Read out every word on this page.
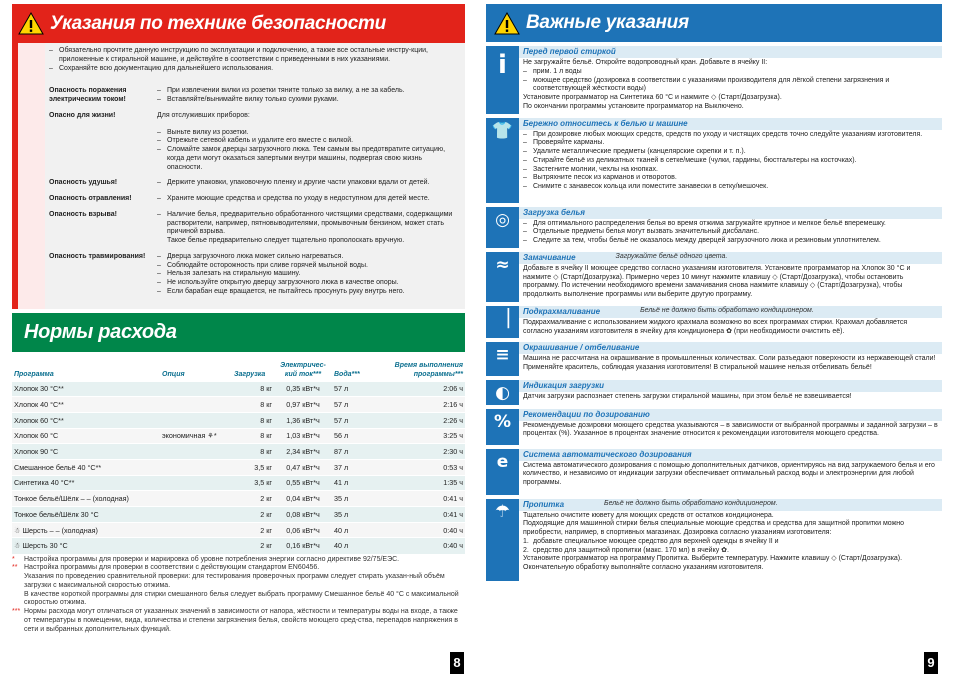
Указания по технике безопасности
– Обязательно прочтите данную инструкцию по эксплуатации и подключению, а также все остальные инстру-кции, приложенные к стиральной машине, и действуйте в соответствии с приведенными в них указаниями.
– Сохраняйте всю документацию для дальнейшего использования.
Опасность поражения электрическим током!
– При извлечении вилки из розетки тяните только за вилку, а не за кабель.
– Вставляйте/вынимайте вилку только сухими руками.
Опасно для жизни!	Для отслуживших приборов:
– Выньте вилку из розетки.
– Отрежьте сетевой кабель и удалите его вместе с вилкой.
– Сломайте замок дверцы загрузочного люка. Тем самым вы предотвратите ситуацию, когда дети могут оказаться запертыми внутри машины, подвергая свою жизнь опасности.
Опасность удушья!	– Держите упаковки, упаковочную пленку и другие части упаковки вдали от детей.
Опасность отравления!	– Храните моющие средства и средства по уходу в недоступном для детей месте.
Опасность взрыва!	– Наличие белья, предварительно обработанного чистящими средствами, содержащими растворители, например, пятновыводителями, промывочным бензином, может стать причиной взрыва.
Такое белье предварительно следует тщательно прополоскать вручную.
Опасность травмирования!	– Дверца загрузочного люка может сильно нагреваться.
– Соблюдайте осторожность при сливе горячей мыльной воды.
– Нельзя залезать на стиральную машину.
– Не используйте открытую дверцу загрузочного люка в качестве опоры.
– Если барабан еще вращается, не пытайтесь просунуть руку внутрь него.
Нормы расхода
Программа	Опция	Загрузка	Электричес-кий ток***	Вода***	Время выполнения программы***
Хлопок 30 °C**		8 кг	0,35 кВт*ч	57 л	2:06 ч
Хлопок 40 °C**		8 кг	0,97 кВт*ч	57 л	2:16 ч
Хлопок 60 °C**		8 кг	1,36 кВт*ч	57 л	2:26 ч
Хлопок 60 °C	экономичная ⚘*	8 кг	1,03 кВт*ч	56 л	3:25 ч
Хлопок 90 °C		8 кг	2,34 кВт*ч	87 л	2:30 ч
Смешанное бельё 40 °C**		3,5 кг	0,47 кВт*ч	37 л	0:53 ч
Синтетика 40 °C**		3,5 кг	0,55 кВт*ч	41 л	1:35 ч
Тонкое бельё/Шёлк – – (холодная)		2 кг	0,04 кВт*ч	35 л	0:41 ч
Тонкое бельё/Шёлк 30 °C		2 кг	0,08 кВт*ч	35 л	0:41 ч
☃ Шерсть – – (холодная)		2 кг	0,06 кВт*ч	40 л	0:40 ч
☃ Шерсть 30 °C		2 кг	0,16 кВт*ч	40 л	0:40 ч
*	Настройка программы для проверки и маркировка об уровне потребления энергии согласно директиве 92/75/ЕЭС.
** Настройка программы для проверки в соответствии с действующим стандартом EN60456.
Указания по проведению сравнительной проверки: для тестирования проверочных программ следует стирать указан-ный объём загрузки с максимальной скоростью отжима.
В качестве короткой программы для стирки смешанного белья следует выбрать программу Смешанное бельё 40 °C с максимальной скоростью отжима.
*** Нормы расхода могут отличаться от указанных значений в зависимости от напора, жёсткости и температуры воды на входе, а также от температуры в помещении, вида, количества и степени загрязнения белья, свойств моющего сред-ства, перепадов напряжения в сети и выбранных дополнительных функций.
8
Важные указания
i	Перед первой стиркой
Не загружайте бельё. Откройте водопроводный кран. Добавьте в ячейку II:
– прим. 1 л воды
– моющее средство (дозировка в соответствии с указаниями производителя для лёгкой степени загрязнения и соответствующей жёсткости воды)
Установите программатор на Синтетика 60 °C и нажмите ◇ (Старт/Дозагрузка).
По окончании программы установите программатор на Выключено.
👕	Бережно относитесь к белью и машине
– При дозировке любых моющих средств, средств по уходу и чистящих средств точно следуйте указаниям изготовителя.
– Проверяйте карманы.
– Удалите металлические предметы (канцелярские скрепки и т. п.).
– Стирайте бельё из деликатных тканей в сетке/мешке (чулки, гардины, бюстгальтеры на косточках).
– Застегните молнии, чехлы на кнопках.
– Вытряхните песок из карманов и отворотов.
– Снимите с занавесок кольца или поместите занавески в сетку/мешочек.
◎	Загрузка белья
– Для оптимального распределения белья во время отжима загружайте крупное и мелкое бельё вперемешку.
– Отдельные предметы белья могут вызвать значительный дисбаланс.
– Следите за тем, чтобы бельё не оказалось между дверцей загрузочного люка и резиновым уплотнителем.
≈	Замачивание	Загружайте бельё одного цвета.
Добавьте в ячейку II моющее средство согласно указаниям изготовителя. Установите программатор на Хлопок 30 °C и нажмите ◇ (Старт/Дозагрузка). Примерно через 10 минут нажмите клавишу ◇ (Старт/Дозагрузка), чтобы остановить программу. По истечении необходимого времени замачивания снова нажмите клавишу ◇ (Старт/Дозагрузка), чтобы продолжить выполнение программы или выберите другую программу.
▕	Подкрахмаливание	Бельё не должно быть обработано кондиционером.
Подкрахмаливание с использованием жидкого крахмала возможно во всех программах стирки. Крахмал добавляется согласно указаниям изготовителя в ячейку для кондиционера ✿ (при необходимости очистить её).
≡	Окрашивание / отбеливание
Машина не рассчитана на окрашивание в промышленных количествах. Соли разъедают поверхности из нержавеющей стали! Применяйте краситель, соблюдая указания изготовителя! В стиральной машине нельзя отбеливать бельё!
◐	Индикация загрузки
Датчик загрузки распознает степень загрузки стиральной машины, при этом бельё не взвешивается!
%	Рекомендации по дозированию
Рекомендуемые дозировки моющего средства указываются – в зависимости от выбранной программы и заданной загрузки – в процентах (%). Указанное в процентах значение относится к рекомендации изготовителя моющего средства.
e	Система автоматического дозирования
Система автоматического дозирования с помощью дополнительных датчиков, ориентируясь на вид загружаемого белья и его количество, и независимо от индикации загрузки обеспечивает оптимальный расход воды и электроэнергии для любой программы.
☂	Пропитка	Бельё не должно быть обработано кондиционером.
Тщательно очистите кювету для моющих средств от остатков кондиционера.
Подходящие для машинной стирки белья специальные моющие средства и средства для защитной пропитки можно приобрести, например, в спортивных магазинах. Дозировка согласно указаниям изготовителя:
1. добавьте специальное моющее средство для верхней одежды в ячейку II и
2. средство для защитной пропитки (макс. 170 мл) в ячейку ✿.
Установите программатор на программу Пропитка. Выберите температуру. Нажмите клавишу ◇ (Старт/Дозагрузка). Окончательную обработку выполняйте согласно указаниям изготовителя.
9
